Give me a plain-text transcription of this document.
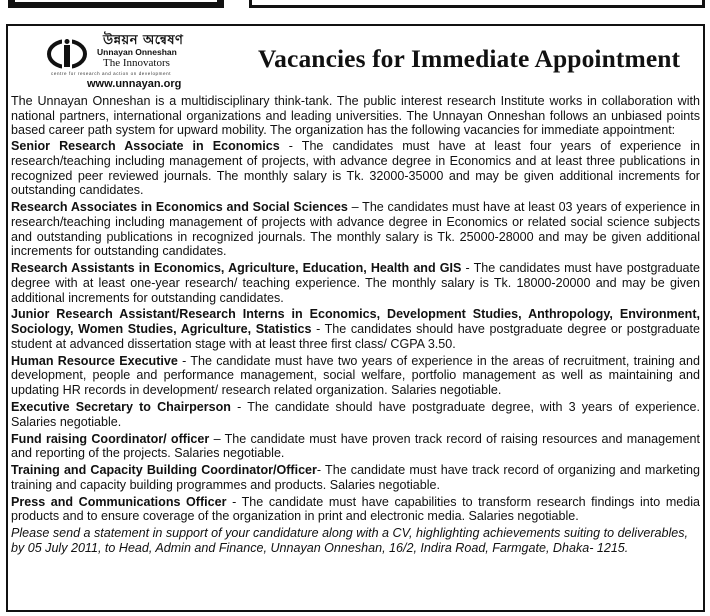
উন্নয়ন অন্বেষণ
Unnayan Onneshan
The Innovators
centre for research and action on development
www.unnayan.org
Vacancies for Immediate Appointment

The Unnayan Onneshan is a multidisciplinary think-tank. The public interest research Institute works in collaboration with national partners, international organizations and leading universities. The Unnayan Onneshan follows an unbiased points based career path system for upward mobility. The organization has the following vacancies for immediate appointment:

Senior Research Associate in Economics - The candidates must have at least four years of experience in research/teaching including management of projects, with advance degree in Economics and at least three publications in recognized peer reviewed journals. The monthly salary is Tk. 32000-35000 and may be given additional increments for outstanding candidates.

Research Associates in Economics and Social Sciences – The candidates must have at least 03 years of experience in research/teaching including management of projects with advance degree in Economics or related social science subjects and outstanding publications in recognized journals. The monthly salary is Tk. 25000-28000 and may be given additional increments for outstanding candidates.

Research Assistants in Economics, Agriculture, Education, Health and GIS - The candidates must have postgraduate degree with at least one-year research/ teaching experience. The monthly salary is Tk. 18000-20000 and may be given additional increments for outstanding candidates.

Junior Research Assistant/Research Interns in Economics, Development Studies, Anthropology, Environment, Sociology, Women Studies, Agriculture, Statistics - The candidates should have postgraduate degree or postgraduate student at advanced dissertation stage with at least three first class/ CGPA 3.50.

Human Resource Executive - The candidate must have two years of experience in the areas of recruitment, training and development, people and performance management, social welfare, portfolio management as well as maintaining and updating HR records in development/ research related organization. Salaries negotiable.

Executive Secretary to Chairperson - The candidate should have postgraduate degree, with 3 years of experience. Salaries negotiable.

Fund raising Coordinator/ officer – The candidate must have proven track record of raising resources and management and reporting of the projects. Salaries negotiable.

Training and Capacity Building Coordinator/Officer- The candidate must have track record of organizing and marketing training and capacity building programmes and products. Salaries negotiable.

Press and Communications Officer - The candidate must have capabilities to transform research findings into media products and to ensure coverage of the organization in print and electronic media. Salaries negotiable.

Please send a statement in support of your candidature along with a CV, highlighting achievements suiting to deliverables,
by 05 July 2011, to Head, Admin and Finance, Unnayan Onneshan, 16/2, Indira Road, Farmgate, Dhaka- 1215.
